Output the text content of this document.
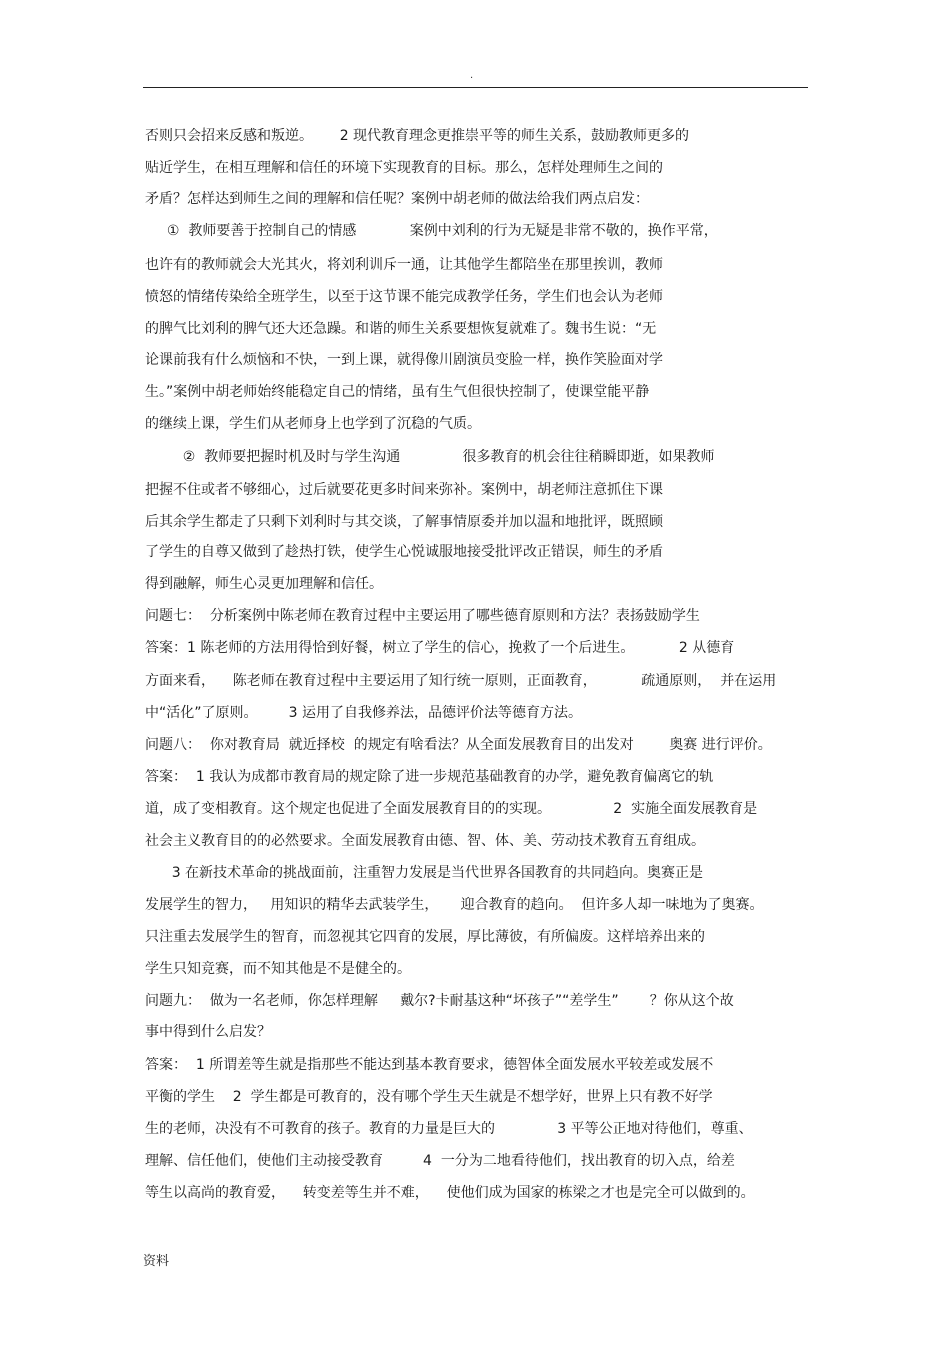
.
否则只会招来反感和叛逆。      2 现代教育理念更推崇平等的师生关系，鼓励教师更多的
贴近学生，在相互理解和信任的环境下实现教育的目标。那么，怎样处理师生之间的
矛盾？怎样达到师生之间的理解和信任呢？案例中胡老师的做法给我们两点启发：
①  教师要善于控制自己的情感            案例中刘利的行为无疑是非常不敬的，换作平常，
也许有的教师就会大光其火，将刘利训斥一通，让其他学生都陪坐在那里挨训，教师
愤怒的情绪传染给全班学生，以至于这节课不能完成教学任务，学生们也会认为老师
的脾气比刘利的脾气还大还急躁。和谐的师生关系要想恢复就难了。魏书生说：“无
论课前我有什么烦恼和不快，一到上课，就得像川剧演员变脸一样，换作笑脸面对学
生。”案例中胡老师始终能稳定自己的情绪，虽有生气但很快控制了，使课堂能平静
的继续上课，学生们从老师身上也学到了沉稳的气质。
②  教师要把握时机及时与学生沟通              很多教育的机会往往稍瞬即逝，如果教师
把握不住或者不够细心，过后就要花更多时间来弥补。案例中，胡老师注意抓住下课
后其余学生都走了只剩下刘利时与其交谈，了解事情原委并加以温和地批评，既照顾
了学生的自尊又做到了趁热打铁，使学生心悦诚服地接受批评改正错误，师生的矛盾
得到融解，师生心灵更加理解和信任。
问题七：  分析案例中陈老师在教育过程中主要运用了哪些德育原则和方法？表扬鼓励学生
答案：1 陈老师的方法用得恰到好餐，树立了学生的信心，挽救了一个后进生。          2 从德育
方面来看，    陈老师在教育过程中主要运用了知行统一原则，正面教育，          疏通原则，  并在运用
中“活化”了原则。       3 运用了自我修养法，品德评价法等德育方法。
问题八：  你对教育局  就近择校  的规定有啥看法？从全面发展教育目的出发对        奥赛 进行评价。
答案：  1 我认为成都市教育局的规定除了进一步规范基础教育的办学，避免教育偏离它的轨
道，成了变相教育。这个规定也促进了全面发展教育目的的实现。              2  实施全面发展教育是
社会主义教育目的的必然要求。全面发展教育由德、智、体、美、劳动技术教育五育组成。
3 在新技术革命的挑战面前，注重智力发展是当代世界各国教育的共同趋向。奥赛正是
发展学生的智力，   用知识的精华去武装学生，     迎合教育的趋向。  但许多人却一味地为了奥赛。
只注重去发展学生的智育，而忽视其它四育的发展，厚比薄彼，有所偏废。这样培养出来的
学生只知竞赛，而不知其他是不是健全的。
问题九：  做为一名老师，你怎样理解     戴尔?卡耐基这种“坏孩子”“差学生”       ？你从这个故
事中得到什么启发？
答案：  1 所谓差等生就是指那些不能达到基本教育要求，德智体全面发展水平较差或发展不
平衡的学生    2  学生都是可教育的，没有哪个学生天生就是不想学好，世界上只有教不好学
生的老师，决没有不可教育的孩子。教育的力量是巨大的              3 平等公正地对待他们，尊重、
理解、信任他们，使他们主动接受教育         4  一分为二地看待他们，找出教育的切入点，给差
等生以高尚的教育爱，    转变差等生并不难，    使他们成为国家的栋梁之才也是完全可以做到的。
资料
